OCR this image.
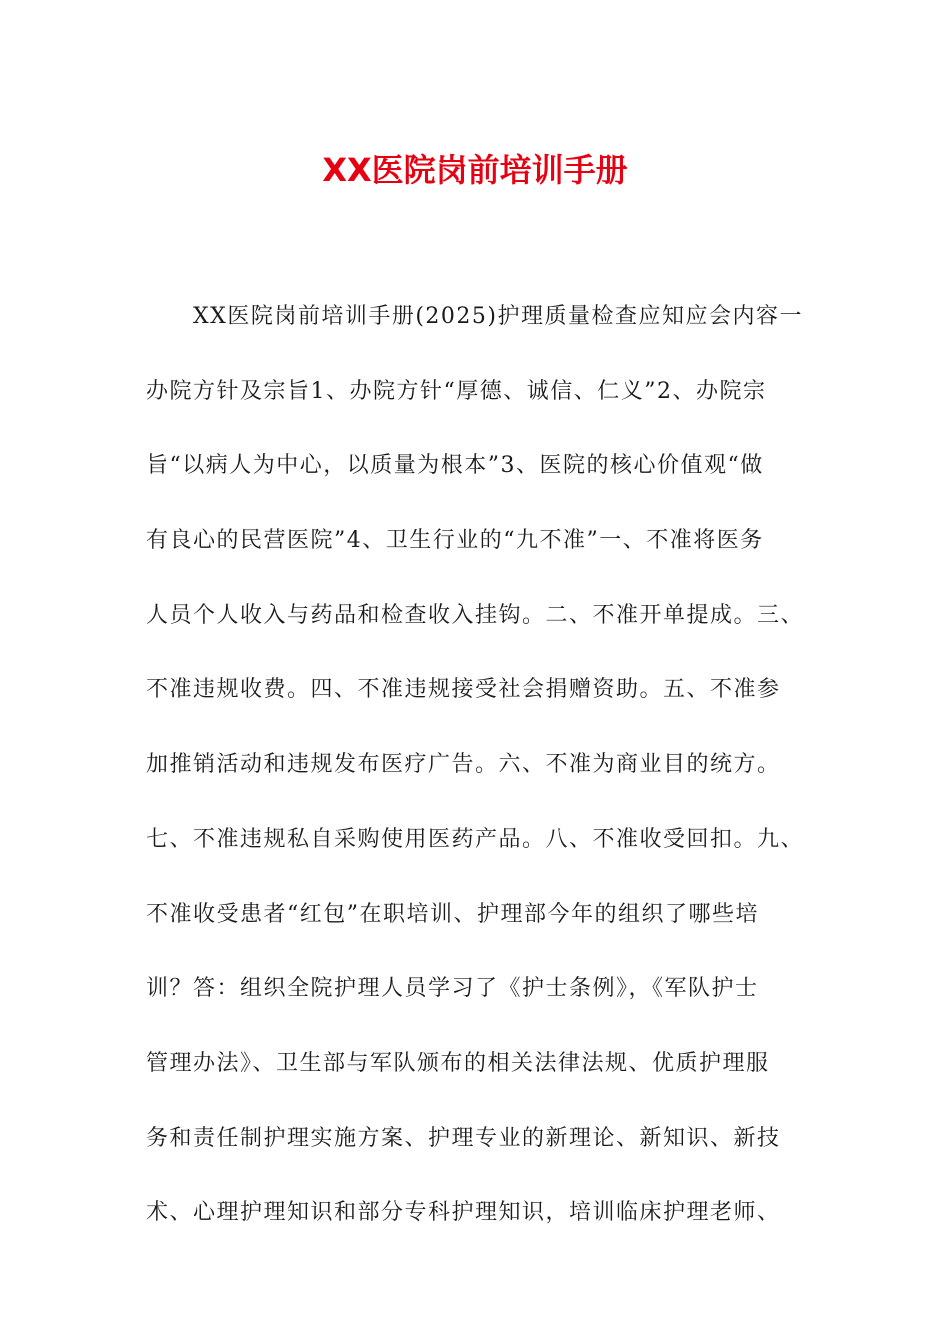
XX医院岗前培训手册
　　XX医院岗前培训手册(2025)护理质量检查应知应会内容一
办院方针及宗旨1、办院方针“厚德、诚信、仁义”2、办院宗
旨“以病人为中心，以质量为根本”3、医院的核心价值观“做
有良心的民营医院”4、卫生行业的“九不准”一、不准将医务
人员个人收入与药品和检查收入挂钩。二、不准开单提成。三、
不准违规收费。四、不准违规接受社会捐赠资助。五、不准参
加推销活动和违规发布医疗广告。六、不准为商业目的统方。
七、不准违规私自采购使用医药产品。八、不准收受回扣。九、
不准收受患者“红包”在职培训、护理部今年的组织了哪些培
训？答：组织全院护理人员学习了《护士条例》，《军队护士
管理办法》、卫生部与军队颁布的相关法律法规、优质护理服
务和责任制护理实施方案、护理专业的新理论、新知识、新技
术、心理护理知识和部分专科护理知识，培训临床护理老师、
